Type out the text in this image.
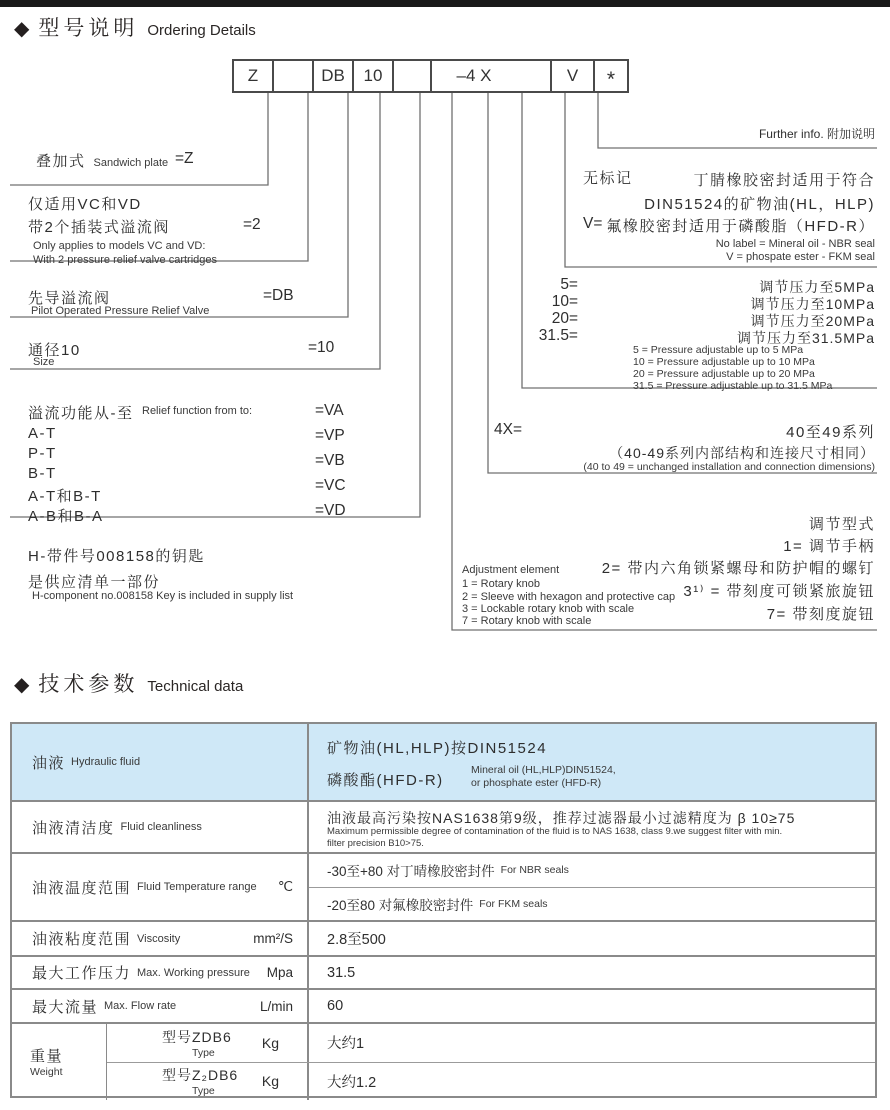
◆ 型号说明 Ordering Details
Z	DB	10	–4 X	V	*
Further info. 附加说明
叠加式 Sandwich plate =Z
仅适用VC和VD
带2个插装式溢流阀	=2
Only applies to models VC and VD:
With 2 pressure relief valve cartridges
先导溢流阀	=DB
Pilot Operated Pressure Relief Valve
通径10	=10
Size
溢流功能从-至 Relief function from to:
A-T
P-T
B-T
A-T和B-T
A-B和B-A
=VA
=VP
=VB
=VC
=VD
H-带件号008158的钥匙
是供应清单一部份
H-component no.008158 Key is included in supply list
无标记	丁腈橡胶密封适用于符合
DIN51524的矿物油(HL，HLP)
V= 氟橡胶密封适用于磷酸脂（HFD-R）
No label = Mineral oil - NBR seal
V = phospate ester - FKM seal
5=
10=
20=
31.5=
调节压力至5MPa
调节压力至10MPa
调节压力至20MPa
调节压力至31.5MPa
5 = Pressure adjustable up to 5 MPa
10 = Pressure adjustable up to 10 MPa
20 = Pressure adjustable up to 20 MPa
31.5 = Pressure adjustable up to 31.5 MPa
4X=	40至49系列
（40-49系列内部结构和连接尺寸相同）
(40 to 49 = unchanged installation and connection dimensions)
调节型式
1= 调节手柄
2= 带内六角锁紧螺母和防护帽的螺钉
3¹⁾ = 带刻度可锁紧旅旋钮
7= 带刻度旋钮
Adjustment element
1 = Rotary knob
2 = Sleeve with hexagon and protective cap
3 = Lockable rotary knob with scale
7 = Rotary knob with scale
◆ 技术参数 Technical data
油液 Hydraulic fluid
矿物油(HL,HLP)按DIN51524
磷酸酯(HFD-R)
Mineral oil (HL,HLP)DIN51524,
or phosphate ester (HFD-R)
油液清洁度 Fluid cleanliness
油液最高污染按NAS1638第9级，推荐过滤器最小过滤精度为 β 10≥75
Maximum permissible degree of contamination of the fluid is to NAS 1638, class 9.we suggest filter with min.
filter precision B10>75.
油液温度范围 Fluid Temperature range ℃
-30至+80 对丁晴橡胶密封件 For NBR seals
-20至80 对氟橡胶密封件 For FKM seals
油液粘度范围 Viscosity	mm²/S 2.8至500
最大工作压力 Max. Working pressure Mpa 31.5
最大流量 Max. Flow rate	L/min 60
重量
Weight
型号ZDB6
Type
Kg	大约1
型号Z₂DB6
Type
Kg	大约1.2
